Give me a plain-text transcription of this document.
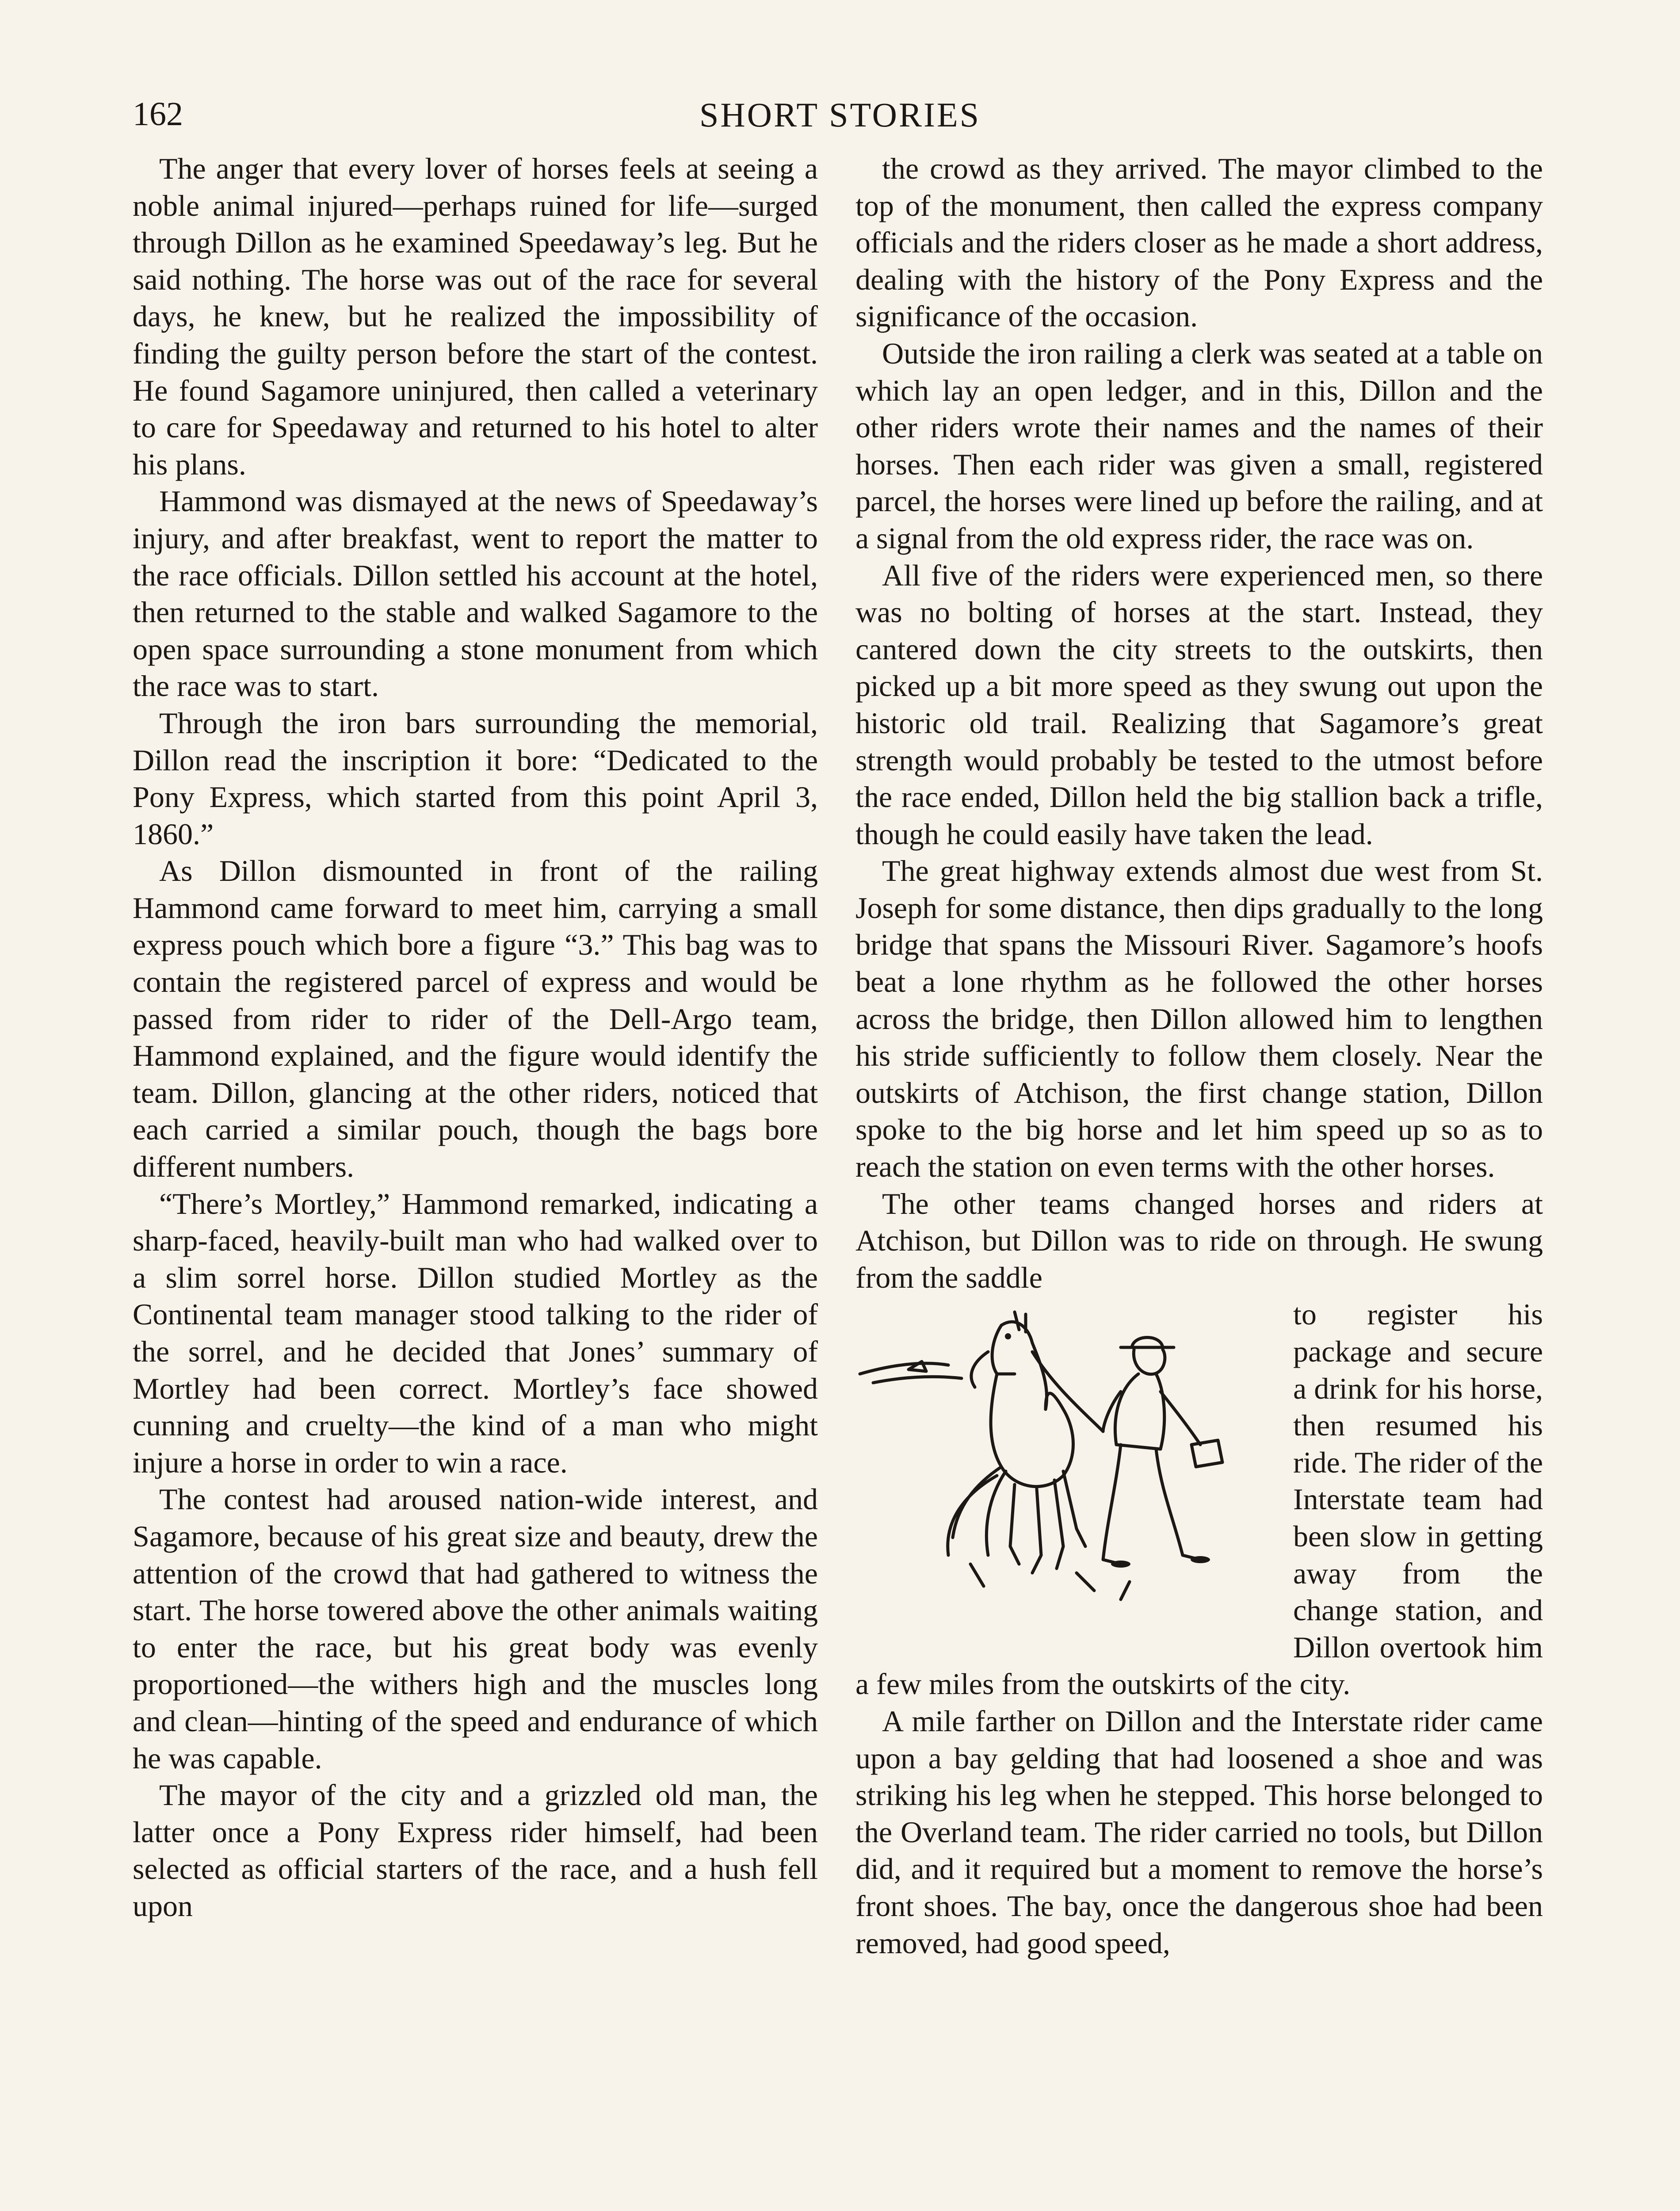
162	SHORT STORIES

The anger that every lover of horses feels at seeing a noble animal injured—perhaps ruined for life—surged through Dillon as he examined Speedaway’s leg. But he said nothing. The horse was out of the race for several days, he knew, but he realized the impossibility of finding the guilty person before the start of the contest. He found Sagamore uninjured, then called a veterinary to care for Speedaway and returned to his hotel to alter his plans.

Hammond was dismayed at the news of Speedaway’s injury, and after breakfast, went to report the matter to the race officials. Dillon settled his account at the hotel, then returned to the stable and walked Sagamore to the open space surrounding a stone monument from which the race was to start.

Through the iron bars surrounding the memorial, Dillon read the inscription it bore: “Dedicated to the Pony Express, which started from this point April 3, 1860.”

As Dillon dismounted in front of the railing Hammond came forward to meet him, carrying a small express pouch which bore a figure “3.” This bag was to contain the registered parcel of express and would be passed from rider to rider of the Dell-Argo team, Hammond explained, and the figure would identify the team. Dillon, glancing at the other riders, noticed that each carried a similar pouch, though the bags bore different numbers.

“There’s Mortley,” Hammond remarked, indicating a sharp-faced, heavily-built man who had walked over to a slim sorrel horse. Dillon studied Mortley as the Continental team manager stood talking to the rider of the sorrel, and he decided that Jones’ summary of Mortley had been correct. Mortley’s face showed cunning and cruelty—the kind of a man who might injure a horse in order to win a race.

The contest had aroused nation-wide interest, and Sagamore, because of his great size and beauty, drew the attention of the crowd that had gathered to witness the start. The horse towered above the other animals waiting to enter the race, but his great body was evenly proportioned—the withers high and the muscles long and clean—hinting of the speed and endurance of which he was capable.

The mayor of the city and a grizzled old man, the latter once a Pony Express rider himself, had been selected as official starters of the race, and a hush fell upon

the crowd as they arrived. The mayor climbed to the top of the monument, then called the express company officials and the riders closer as he made a short address, dealing with the history of the Pony Express and the significance of the occasion.

Outside the iron railing a clerk was seated at a table on which lay an open ledger, and in this, Dillon and the other riders wrote their names and the names of their horses. Then each rider was given a small, registered parcel, the horses were lined up before the railing, and at a signal from the old express rider, the race was on.

All five of the riders were experienced men, so there was no bolting of horses at the start. Instead, they cantered down the city streets to the outskirts, then picked up a bit more speed as they swung out upon the historic old trail. Realizing that Sagamore’s great strength would probably be tested to the utmost before the race ended, Dillon held the big stallion back a trifle, though he could easily have taken the lead.

The great highway extends almost due west from St. Joseph for some distance, then dips gradually to the long bridge that spans the Missouri River. Sagamore’s hoofs beat a lone rhythm as he followed the other horses across the bridge, then Dillon allowed him to lengthen his stride sufficiently to follow them closely. Near the outskirts of Atchison, the first change station, Dillon spoke to the big horse and let him speed up so as to reach the station on even terms with the other horses.

The other teams changed horses and riders at Atchison, but Dillon was to ride on through. He swung from the saddle

to register his package and secure a drink for his horse, then resumed his ride. The rider of the Interstate team had been slow in getting away from the change station, and Dillon overtook him a few miles from the outskirts of the city.

A mile farther on Dillon and the Interstate rider came upon a bay gelding that had loosened a shoe and was striking his leg when he stepped. This horse belonged to the Overland team. The rider carried no tools, but Dillon did, and it required but a moment to remove the horse’s front shoes. The bay, once the dangerous shoe had been removed, had good speed,
